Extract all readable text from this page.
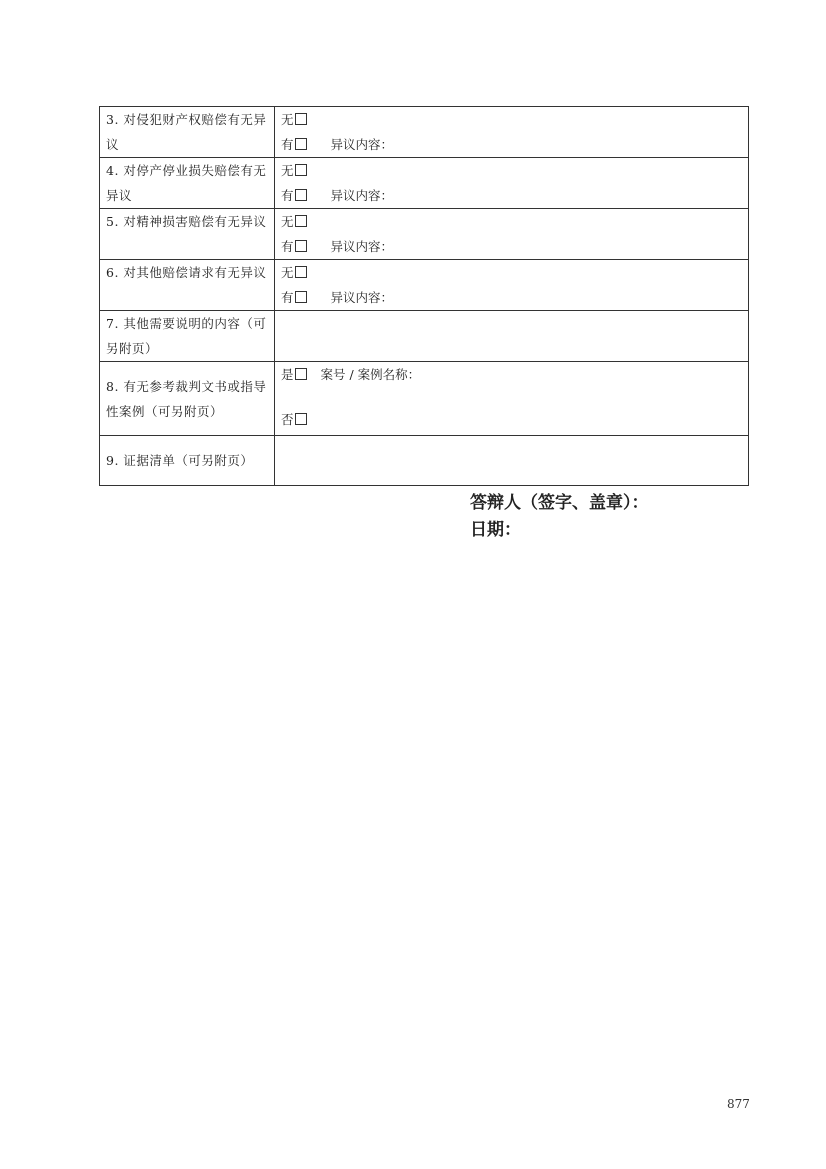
3. 对侵犯财产权赔偿有无异议	无
有 异议内容：

4. 对停产停业损失赔偿有无异议	无
有 异议内容：

5. 对精神损害赔偿有无异议	无
有 异议内容：

6. 对其他赔偿请求有无异议	无
有 异议内容：

7. 其他需要说明的内容（可另附页）	

8. 有无参考裁判文书或指导性案例（可另附页）	是 案号 / 案例名称：
否

9. 证据清单（可另附页）	

答辩人（签字、盖章）：
日期：
877
